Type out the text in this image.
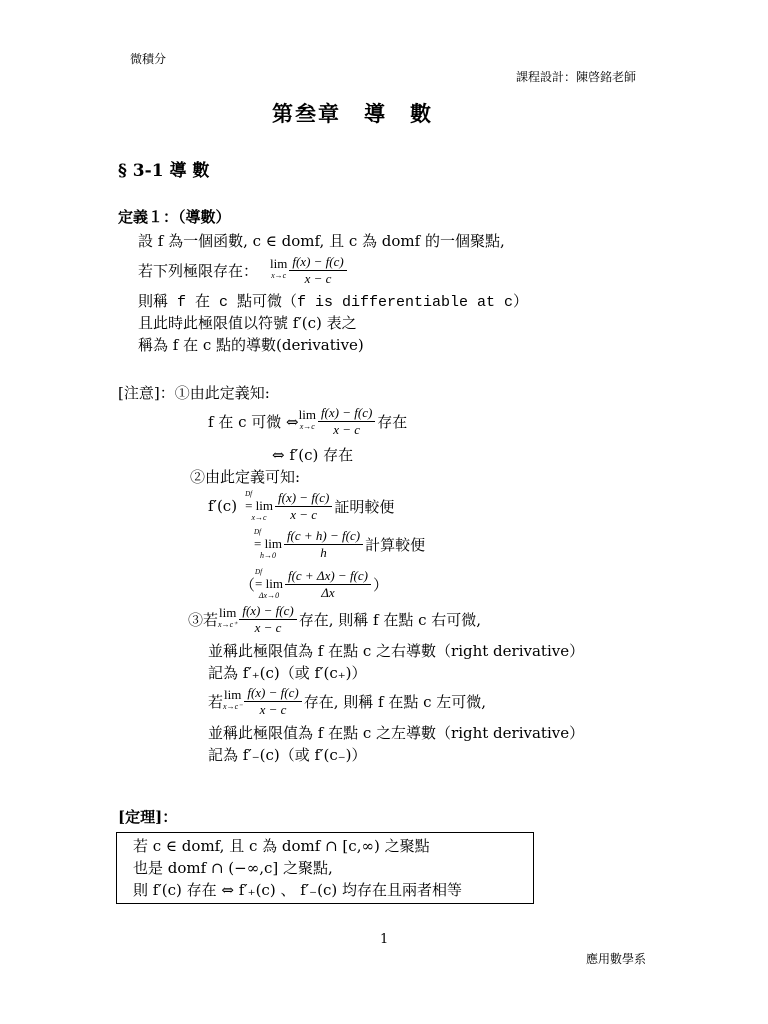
微積分
課程設計：陳啓銘老師
第叁章　導　數
§ 3-1 導 數
定義１：（導數）
設 f 為一個函數, c ∈ domf, 且 c 為 domf 的一個聚點,
若下列極限存在： lim
$x\to c \frac{f(x) - f(c)}{x - c}$
則稱 f 在 c 點可微（f is differentiable at c）
且此時此極限值以符號 f′(c) 表之
稱為 f 在 c 點的導數(derivative)
[注意]：①由此定義知:
f 在 c 可微 ⇔ lim
$x\to c \frac{f(x) - f(c)}{x - c}$ 存在
⇔ f′(c) 存在
②由此定義可知:
f′(c)
Df
= lim
$x\to c \frac{f(x) - f(c)}{x - c}$ 証明較便
Df
= lim
$h\to 0 \frac{f(c + h) - f(c)}{h}$ 計算較便
（
Df
= lim
$\Delta x\to 0 \frac{f(c + \Delta x) - f(c)}{\Delta x}$ ）
③若 lim
$x\to c^+ \frac{f(x) - f(c)}{x - c}$ 存在, 則稱 f 在點 c 右可微,
並稱此極限值為 f 在點 c 之右導數（right derivative）
記為 f′₊(c)（或 f′(c₊)）
若 lim
$x\to c^- \frac{f(x) - f(c)}{x - c}$ 存在, 則稱 f 在點 c 左可微,
並稱此極限值為 f 在點 c 之左導數（right derivative）
記為 f′₋(c)（或 f′(c₋)）
[定理]：
若 c ∈ domf, 且 c 為 domf ∩ [c,∞) 之聚點
也是 domf ∩ (−∞,c] 之聚點,
則 f′(c) 存在 ⇔ f′₊(c) 、 f′₋(c) 均存在且兩者相等
1
應用數學系
